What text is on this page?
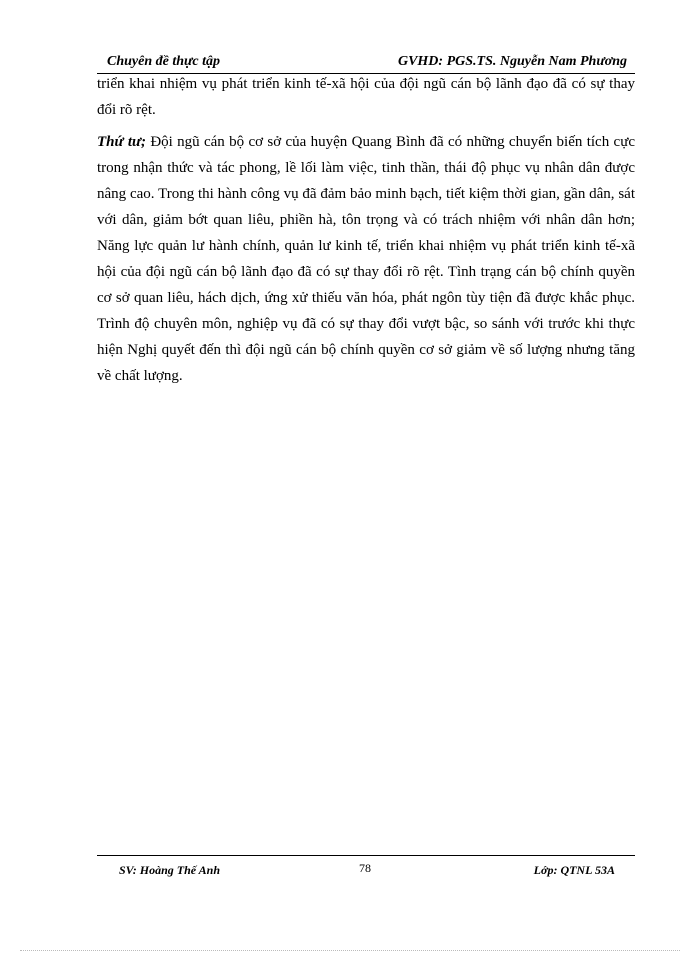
Chuyên đề thực tập	GVHD: PGS.TS. Nguyễn Nam Phương

triển khai nhiệm vụ phát triển kinh tế-xã hội của đội ngũ cán bộ lãnh đạo đã có sự thay đổi rõ rệt.

Thứ tư; Đội ngũ cán bộ cơ sở của huyện Quang Bình đã có những chuyển biến tích cực trong nhận thức và tác phong, lề lối làm việc, tinh thần, thái độ phục vụ nhân dân được nâng cao. Trong thi hành công vụ đã đảm bảo minh bạch, tiết kiệm thời gian, gần dân, sát với dân, giảm bớt quan liêu, phiền hà, tôn trọng và có trách nhiệm với nhân dân hơn; Năng lực quản lư hành chính, quản lư kinh tế, triển khai nhiệm vụ phát triển kinh tế-xã hội của đội ngũ cán bộ lãnh đạo đã có sự thay đổi rõ rệt. Tình trạng cán bộ chính quyền cơ sở quan liêu, hách dịch, ứng xử thiếu văn hóa, phát ngôn tùy tiện đã được khắc phục. Trình độ chuyên môn, nghiệp vụ đã có sự thay đổi vượt bậc, so sánh với trước khi thực hiện Nghị quyết đến thì đội ngũ cán bộ chính quyền cơ sở giảm về số lượng nhưng tăng về chất lượng.

SV: Hoàng Thế Anh	78	Lớp: QTNL 53A
